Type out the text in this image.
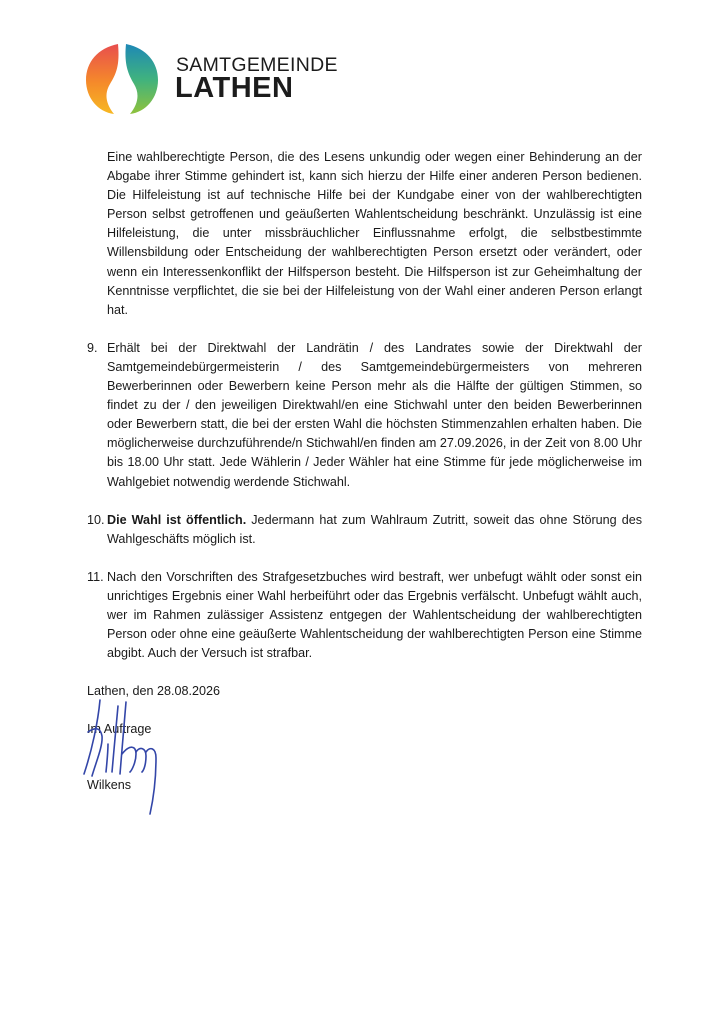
SAMTGEMEINDE
LATHEN

Eine wahlberechtigte Person, die des Lesens unkundig oder wegen einer Behinderung an der Abgabe ihrer Stimme gehindert ist, kann sich hierzu der Hilfe einer anderen Person bedienen. Die Hilfeleistung ist auf technische Hilfe bei der Kundgabe einer von der wahlberechtigten Person selbst getroffenen und geäußerten Wahlentscheidung beschränkt. Unzulässig ist eine Hilfeleistung, die unter missbräuchlicher Einflussnahme erfolgt, die selbstbestimmte Willensbildung oder Entscheidung der wahlberechtigten Person ersetzt oder verändert, oder wenn ein Interessenkonflikt der Hilfsperson besteht. Die Hilfsperson ist zur Geheimhaltung der Kenntnisse verpflichtet, die sie bei der Hilfeleistung von der Wahl einer anderen Person erlangt hat.

9. Erhält bei der Direktwahl der Landrätin / des Landrates sowie der Direktwahl der Samtgemeindebürgermeisterin / des Samtgemeindebürgermeisters von mehreren Bewerberinnen oder Bewerbern keine Person mehr als die Hälfte der gültigen Stimmen, so findet zu der / den jeweiligen Direktwahl/en eine Stichwahl unter den beiden Bewerberinnen oder Bewerbern statt, die bei der ersten Wahl die höchsten Stimmenzahlen erhalten haben. Die möglicherweise durchzuführende/n Stichwahl/en finden am 27.09.2026, in der Zeit von 8.00 Uhr bis 18.00 Uhr statt. Jede Wählerin / Jeder Wähler hat eine Stimme für jede möglicherweise im Wahlgebiet notwendig werdende Stichwahl.

10. Die Wahl ist öffentlich. Jedermann hat zum Wahlraum Zutritt, soweit das ohne Störung des Wahlgeschäfts möglich ist.

11. Nach den Vorschriften des Strafgesetzbuches wird bestraft, wer unbefugt wählt oder sonst ein unrichtiges Ergebnis einer Wahl herbeiführt oder das Ergebnis verfälscht. Unbefugt wählt auch, wer im Rahmen zulässiger Assistenz entgegen der Wahlentscheidung der wahlberechtigten Person oder ohne eine geäußerte Wahlentscheidung der wahlberechtigten Person eine Stimme abgibt. Auch der Versuch ist strafbar.

Lathen, den 28.08.2026

Im Auftrage

Wilkens
